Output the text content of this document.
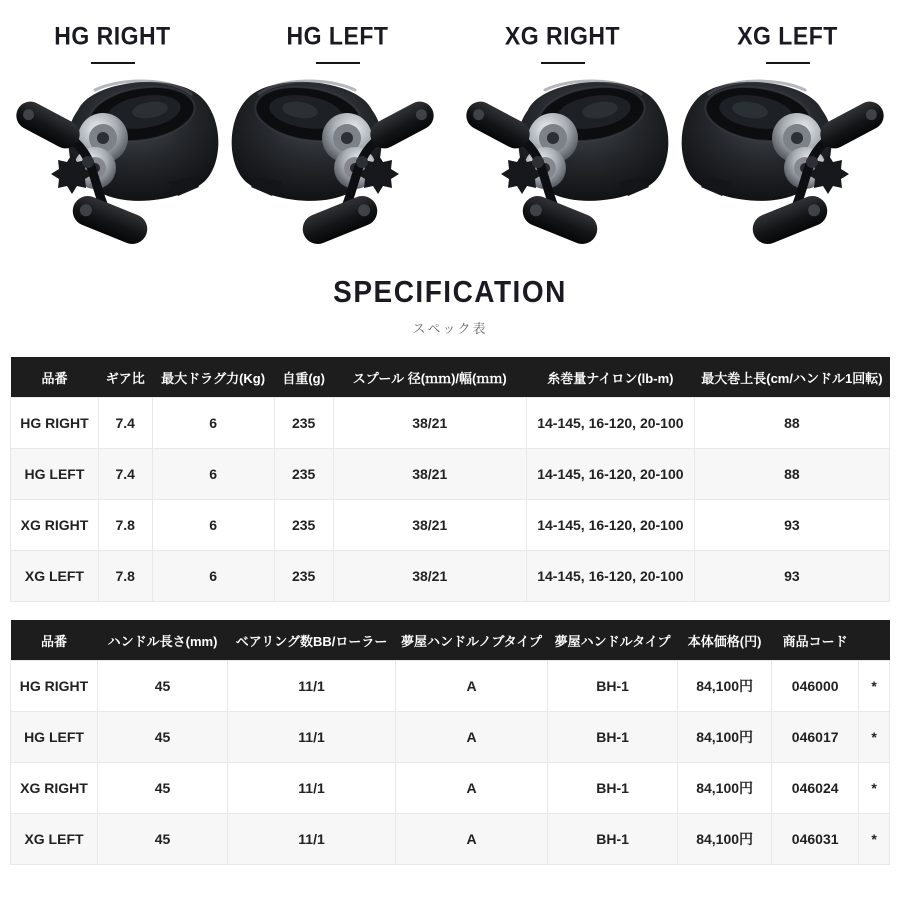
HG RIGHT	HG LEFT	XG RIGHT	XG LEFT
SPECIFICATION
スペック表
品番	ギア比	最大ドラグ力(Kg)	自重(g)	スプール 径(ｍｍ)/幅(ｍｍ)	糸巻量ナイロン(lb-m)	最大巻上長(cm/ハンドル1回転)
HG RIGHT	7.4	6	235	38/21	14-145, 16-120, 20-100	88
HG LEFT	7.4	6	235	38/21	14-145, 16-120, 20-100	88
XG RIGHT	7.8	6	235	38/21	14-145, 16-120, 20-100	93
XG LEFT	7.8	6	235	38/21	14-145, 16-120, 20-100	93
品番	ハンドル長さ(mm)	ベアリング数BB/ローラー	夢屋ハンドルノブタイプ	夢屋ハンドルタイプ	本体価格(円)	商品コード	
HG RIGHT	45	11/1	A	BH-1	84,100円	046000	*
HG LEFT	45	11/1	A	BH-1	84,100円	046017	*
XG RIGHT	45	11/1	A	BH-1	84,100円	046024	*
XG LEFT	45	11/1	A	BH-1	84,100円	046031	*
